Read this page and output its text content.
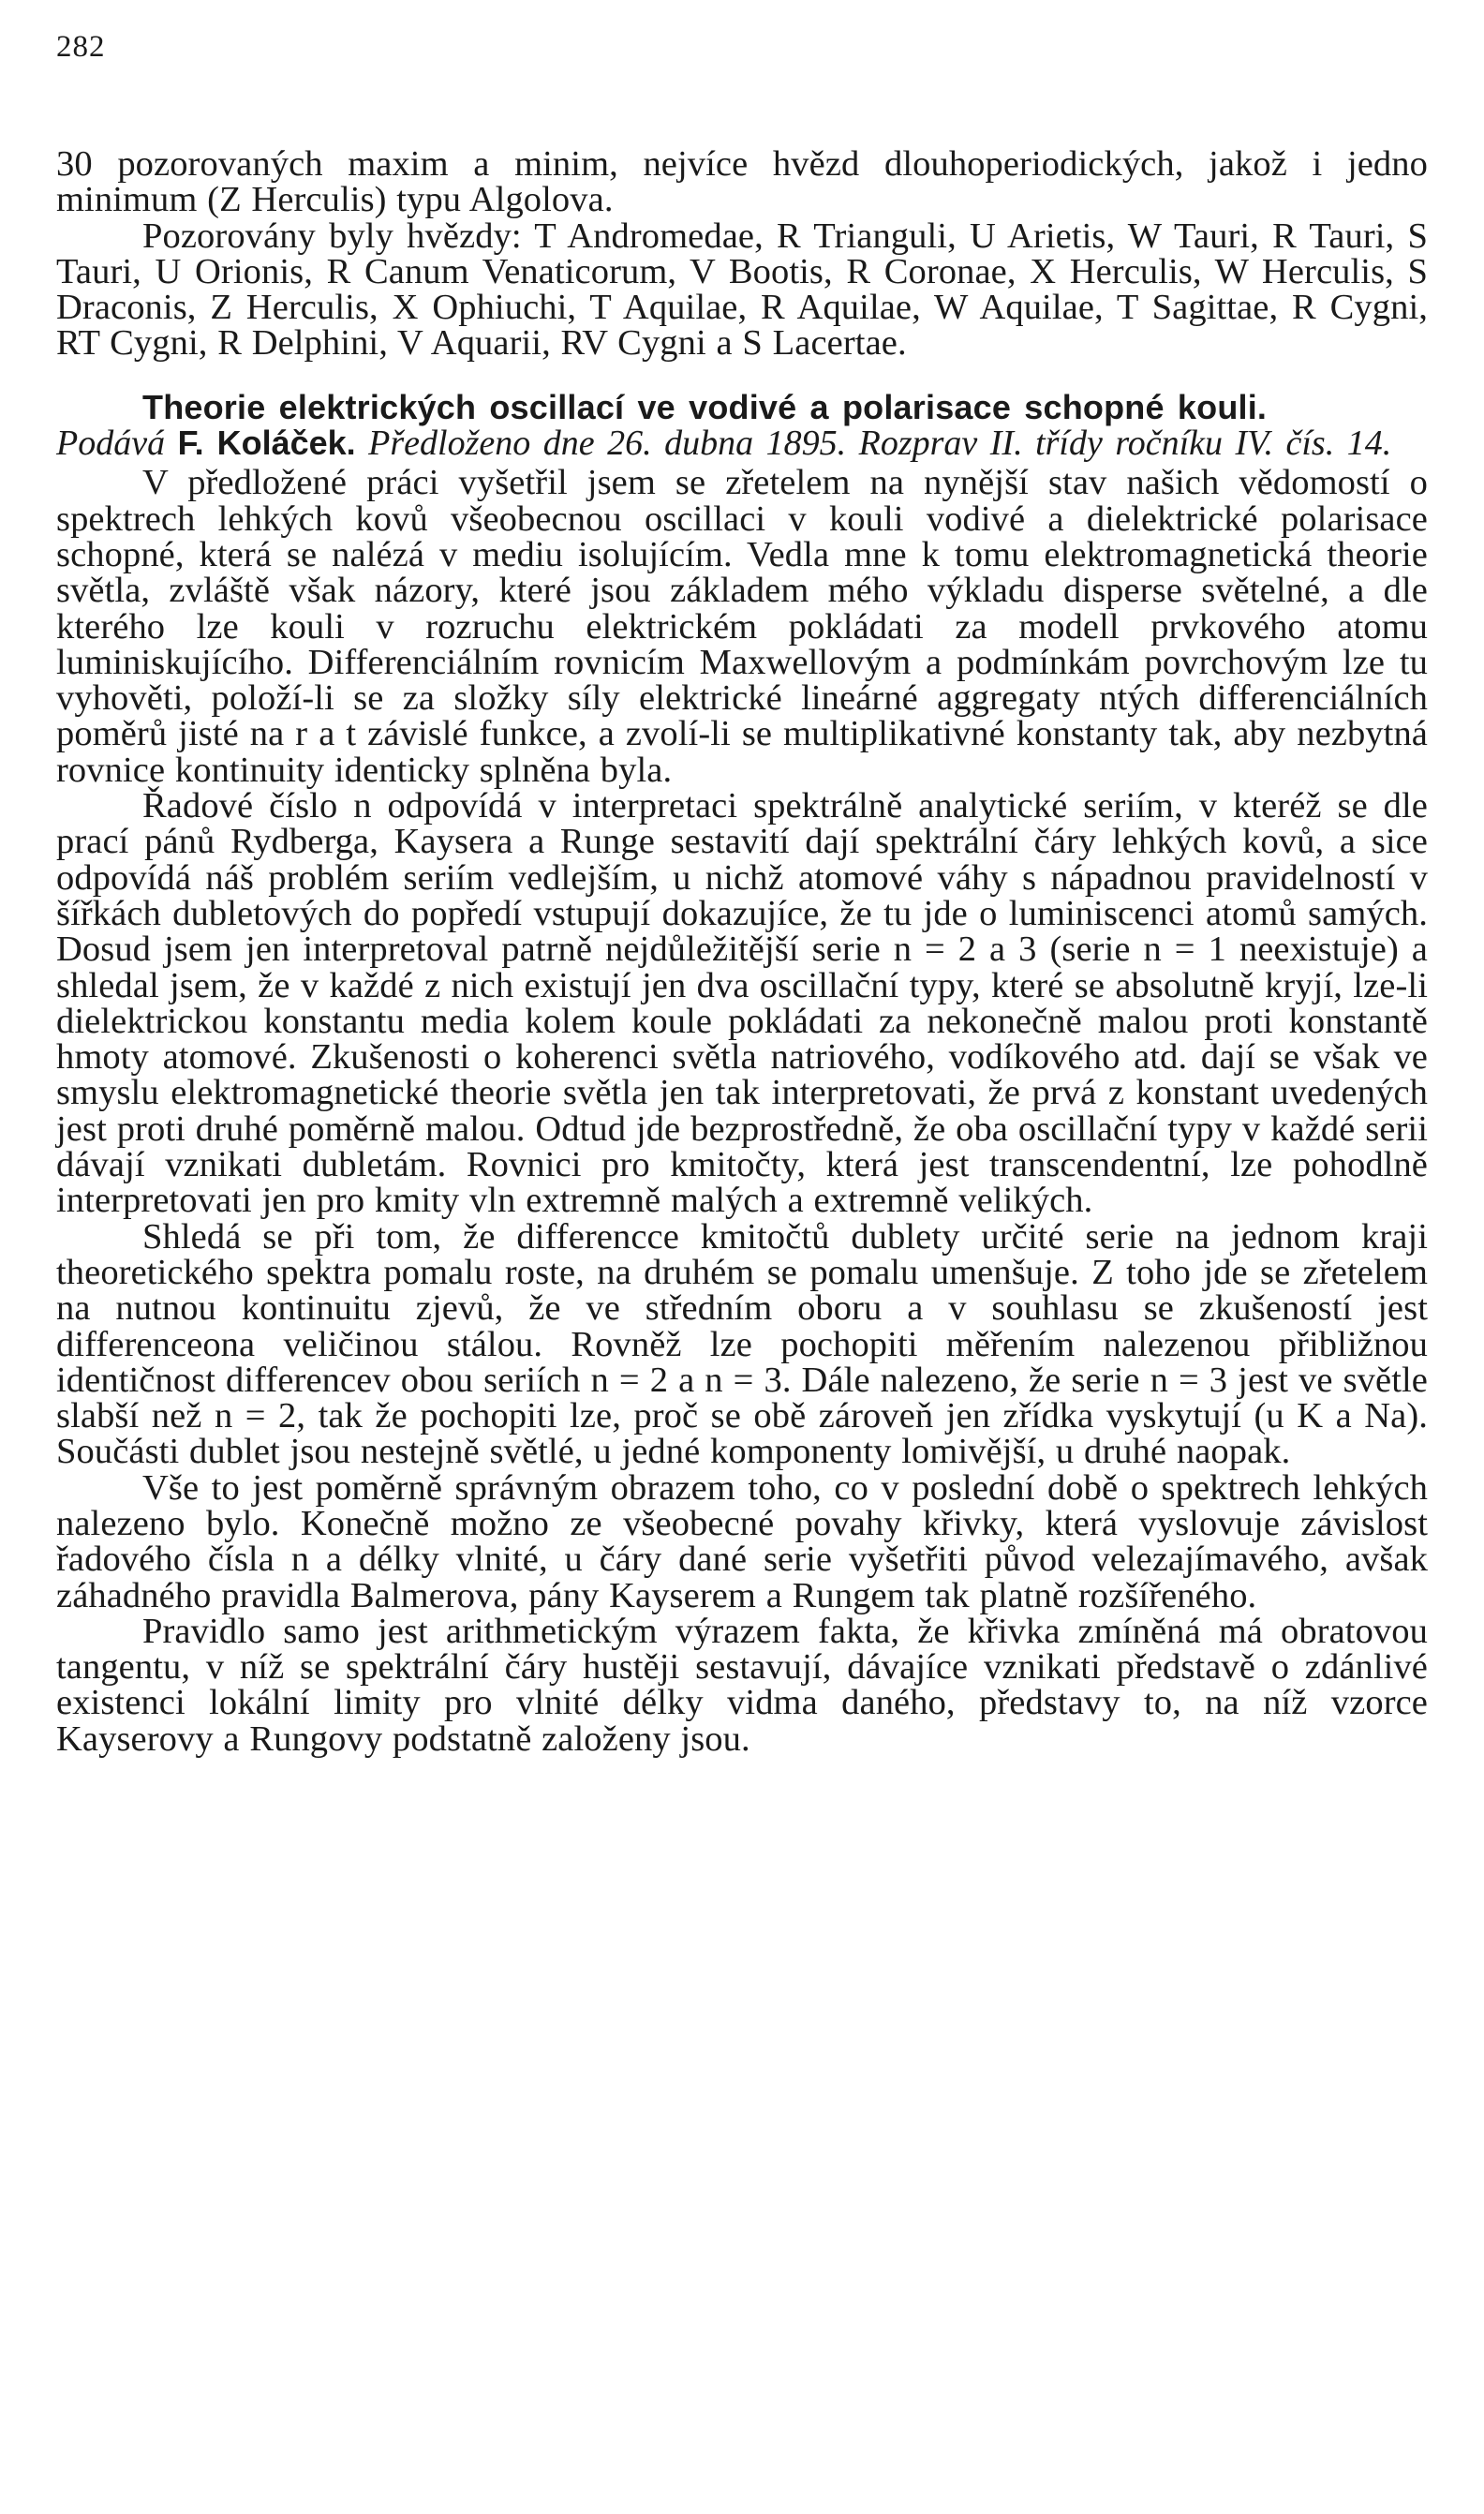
282

30 pozorovaných maxim a minim, nejvíce hvězd dlouhoperiodických, jakož i jedno minimum (Z Herculis) typu Algolova.

Pozorovány byly hvězdy: T Andromedae, R Trianguli, U Arietis, W Tauri, R Tauri, S Tauri, U Orionis, R Canum Venaticorum, V Bootis, R Coronae, X Herculis, W Herculis, S Draconis, Z Herculis, X Ophiuchi, T Aquilae, R Aquilae, W Aquilae, T Sagittae, R Cygni, RT Cygni, R Delphini, V Aquarii, RV Cygni a S Lacertae.

Theorie elektrických oscillací ve vodivé a polarisace schopné kouli.

Podává F. Koláček. Předloženo dne 26. dubna 1895. Rozprav II. třídy ročníku IV. čís. 14.

V předložené práci vyšetřil jsem se zřetelem na nynější stav našich vědomostí o spektrech lehkých kovů všeobecnou oscillaci v kouli vodivé a dielektrické polarisace schopné, která se nalézá v mediu isolujícím. Vedla mne k tomu elektromagnetická theorie světla, zvláště však názory, které jsou základem mého výkladu disperse světelné, a dle kterého lze kouli v rozruchu elektrickém pokládati za modell prvkového atomu luminiskujícího. Differenciálním rovnicím Maxwellovým a podmínkám povrchovým lze tu vyhověti, položí-li se za složky síly elektrické lineárné aggregaty ntých differenciálních poměrů jisté na r a t závislé funkce, a zvolí-li se multiplikativné konstanty tak, aby nezbytná rovnice kontinuity identicky splněna byla.

Řadové číslo n odpovídá v interpretaci spektrálně analytické seriím, v kteréž se dle prací pánů Rydberga, Kaysera a Runge sestavití dají spektrální čáry lehkých kovů, a sice odpovídá náš problém seriím vedlejším, u nichž atomové váhy s nápadnou pravidelností v šířkách dubletových do popředí vstupují dokazujíce, že tu jde o luminiscenci atomů samých. Dosud jsem jen interpretoval patrně nejdůležitější serie n = 2 a 3 (serie n = 1 neexistuje) a shledal jsem, že v každé z nich existují jen dva oscillační typy, které se absolutně kryjí, lze-li dielektrickou konstantu media kolem koule pokládati za nekonečně malou proti konstantě hmoty atomové. Zkušenosti o koherenci světla natriového, vodíkového atd. dají se však ve smyslu elektromagnetické theorie světla jen tak interpretovati, že prvá z konstant uvedených jest proti druhé poměrně malou. Odtud jde bezprostředně, že oba oscillační typy v každé serii dávají vznikati dubletám. Rovnici pro kmitočty, která jest transcendentní, lze pohodlně interpretovati jen pro kmity vln extremně malých a extremně velikých.

Shledá se při tom, že differencce kmitočtů dublety určité serie na jednom kraji theoretického spektra pomalu roste, na druhém se pomalu umenšuje. Z toho jde se zřetelem na nutnou kontinuitu zjevů, že ve středním oboru a v souhlasu se zkušeností jest differenceona veličinou stálou. Rovněž lze pochopiti měřením nalezenou přibližnou identičnost differencev obou seriích n = 2 a n = 3. Dále nalezeno, že serie n = 3 jest ve světle slabší než n = 2, tak že pochopiti lze, proč se obě zároveň jen zřídka vyskytují (u K a Na). Součásti dublet jsou nestejně světlé, u jedné komponenty lomivější, u druhé naopak.

Vše to jest poměrně správným obrazem toho, co v poslední době o spektrech lehkých nalezeno bylo. Konečně možno ze všeobecné povahy křivky, která vyslovuje závislost řadového čísla n a délky vlnité, u čáry dané serie vyšetřiti původ velezajímavého, avšak záhadného pravidla Balmerova, pány Kayserem a Rungem tak platně rozšířeného.

Pravidlo samo jest arithmetickým výrazem fakta, že křivka zmíněná má obratovou tangentu, v níž se spektrální čáry hustěji sestavují, dávajíce vznikati představě o zdánlivé existenci lokální limity pro vlnité délky vidma daného, představy to, na níž vzorce Kayserovy a Rungovy podstatně založeny jsou.
